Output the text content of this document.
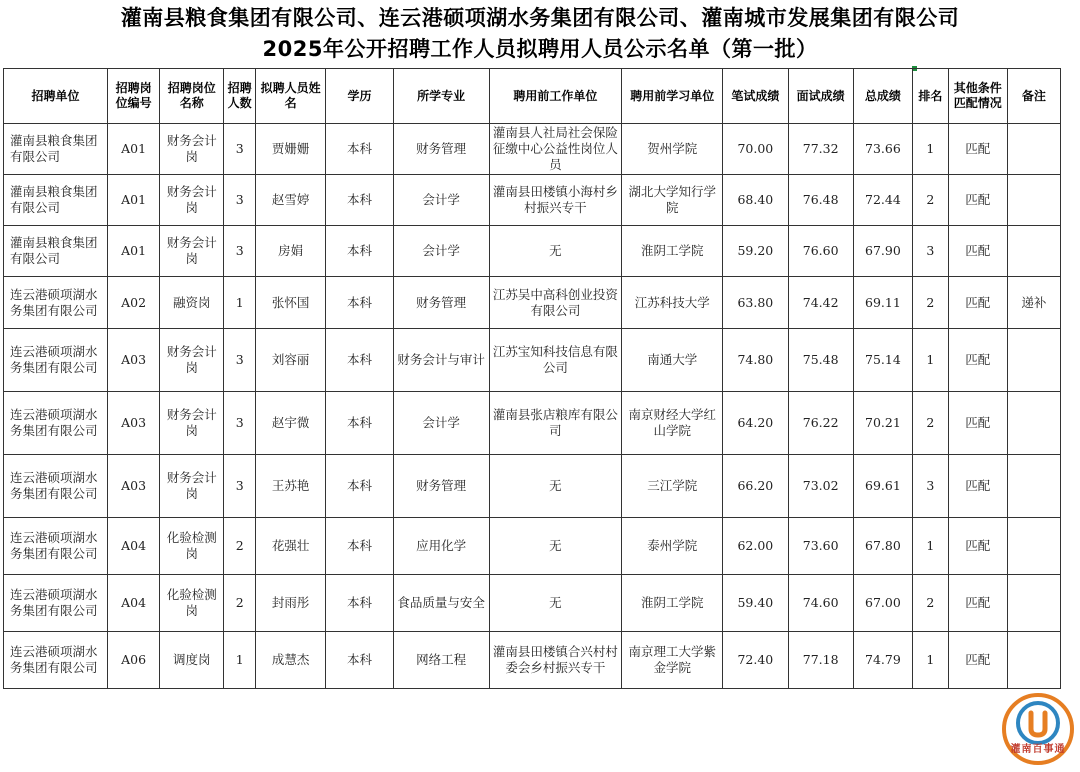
灌南县粮食集团有限公司、连云港硕项湖水务集团有限公司、灌南城市发展集团有限公司
2025年公开招聘工作人员拟聘用人员公示名单（第一批）
招聘单位	招聘岗位编号	招聘岗位名称	招聘人数	拟聘人员姓名	学历	所学专业	聘用前工作单位	聘用前学习单位	笔试成绩	面试成绩	总成绩	排名	其他条件匹配情况	备注
灌南县粮食集团有限公司	A01	财务会计岗	3	贾姗姗	本科	财务管理	灌南县人社局社会保险征缴中心公益性岗位人员	贺州学院	70.00	77.32	73.66	1	匹配	
灌南县粮食集团有限公司	A01	财务会计岗	3	赵雪婷	本科	会计学	灌南县田楼镇小海村乡村振兴专干	湖北大学知行学院	68.40	76.48	72.44	2	匹配	
灌南县粮食集团有限公司	A01	财务会计岗	3	房娟	本科	会计学	无	淮阴工学院	59.20	76.60	67.90	3	匹配	
连云港硕项湖水务集团有限公司	A02	融资岗	1	张怀国	本科	财务管理	江苏吴中高科创业投资有限公司	江苏科技大学	63.80	74.42	69.11	2	匹配	递补
连云港硕项湖水务集团有限公司	A03	财务会计岗	3	刘容丽	本科	财务会计与审计	江苏宝知科技信息有限公司	南通大学	74.80	75.48	75.14	1	匹配	
连云港硕项湖水务集团有限公司	A03	财务会计岗	3	赵宇微	本科	会计学	灌南县张店粮库有限公司	南京财经大学红山学院	64.20	76.22	70.21	2	匹配	
连云港硕项湖水务集团有限公司	A03	财务会计岗	3	王苏艳	本科	财务管理	无	三江学院	66.20	73.02	69.61	3	匹配	
连云港硕项湖水务集团有限公司	A04	化验检测岗	2	花强壮	本科	应用化学	无	泰州学院	62.00	73.60	67.80	1	匹配	
连云港硕项湖水务集团有限公司	A04	化验检测岗	2	封雨彤	本科	食品质量与安全	无	淮阴工学院	59.40	74.60	67.00	2	匹配	
连云港硕项湖水务集团有限公司	A06	调度岗	1	成慧杰	本科	网络工程	灌南县田楼镇合兴村村委会乡村振兴专干	南京理工大学紫金学院	72.40	77.18	74.79	1	匹配	
灌南百事通
